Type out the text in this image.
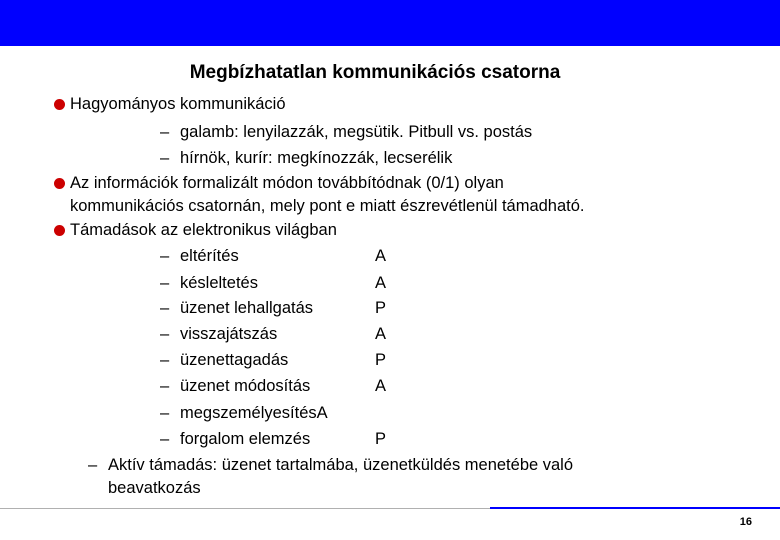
Megbízhatatlan kommunikációs csatorna
Hagyományos kommunikáció
– galamb: lenyilazzák, megsütik. Pitbull vs. postás
– hírnök, kurír: megkínozzák, lecserélik
Az információk formalizált módon továbbítódnak (0/1) olyan
kommunikációs csatornán, mely pont e miatt észrevétlenül támadható.
Támadások az elektronikus világban
– eltérítés	A
– késleltetés	A
– üzenet lehallgatás	P
– visszajátszás	A
– üzenettagadás	P
– üzenet módosítás	A
– megszemélyesítésA
– forgalom elemzés	P
– Aktív támadás: üzenet tartalmába, üzenetküldés menetébe való
beavatkozás
16
